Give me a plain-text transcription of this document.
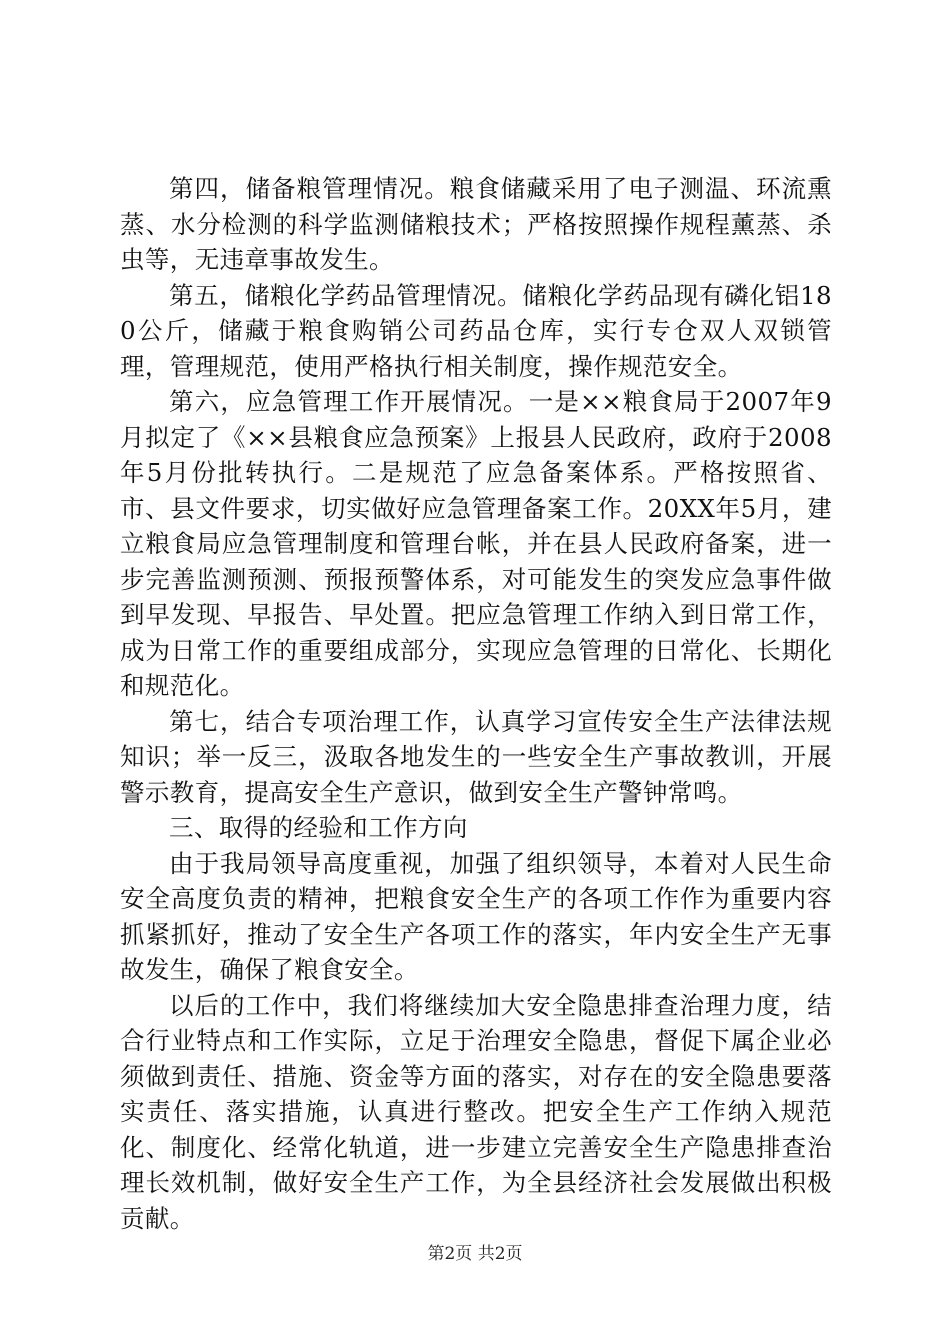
第四，储备粮管理情况。粮食储藏采用了电子测温、环流熏蒸、水分检测的科学监测储粮技术；严格按照操作规程薰蒸、杀虫等，无违章事故发生。

第五，储粮化学药品管理情况。储粮化学药品现有磷化铝180公斤，储藏于粮食购销公司药品仓库，实行专仓双人双锁管理，管理规范，使用严格执行相关制度，操作规范安全。

第六，应急管理工作开展情况。一是××粮食局于2007年9月拟定了《××县粮食应急预案》上报县人民政府，政府于2008年5月份批转执行。二是规范了应急备案体系。严格按照省、市、县文件要求，切实做好应急管理备案工作。20XX年5月，建立粮食局应急管理制度和管理台帐，并在县人民政府备案，进一步完善监测预测、预报预警体系，对可能发生的突发应急事件做到早发现、早报告、早处置。把应急管理工作纳入到日常工作，成为日常工作的重要组成部分，实现应急管理的日常化、长期化和规范化。

第七，结合专项治理工作，认真学习宣传安全生产法律法规知识；举一反三，汲取各地发生的一些安全生产事故教训，开展警示教育，提高安全生产意识，做到安全生产警钟常鸣。

三、取得的经验和工作方向

由于我局领导高度重视，加强了组织领导，本着对人民生命安全高度负责的精神，把粮食安全生产的各项工作作为重要内容抓紧抓好，推动了安全生产各项工作的落实，年内安全生产无事故发生，确保了粮食安全。

以后的工作中，我们将继续加大安全隐患排查治理力度，结合行业特点和工作实际，立足于治理安全隐患，督促下属企业必须做到责任、措施、资金等方面的落实，对存在的安全隐患要落实责任、落实措施，认真进行整改。把安全生产工作纳入规范化、制度化、经常化轨道，进一步建立完善安全生产隐患排查治理长效机制，做好安全生产工作，为全县经济社会发展做出积极贡献。

第2页 共2页
